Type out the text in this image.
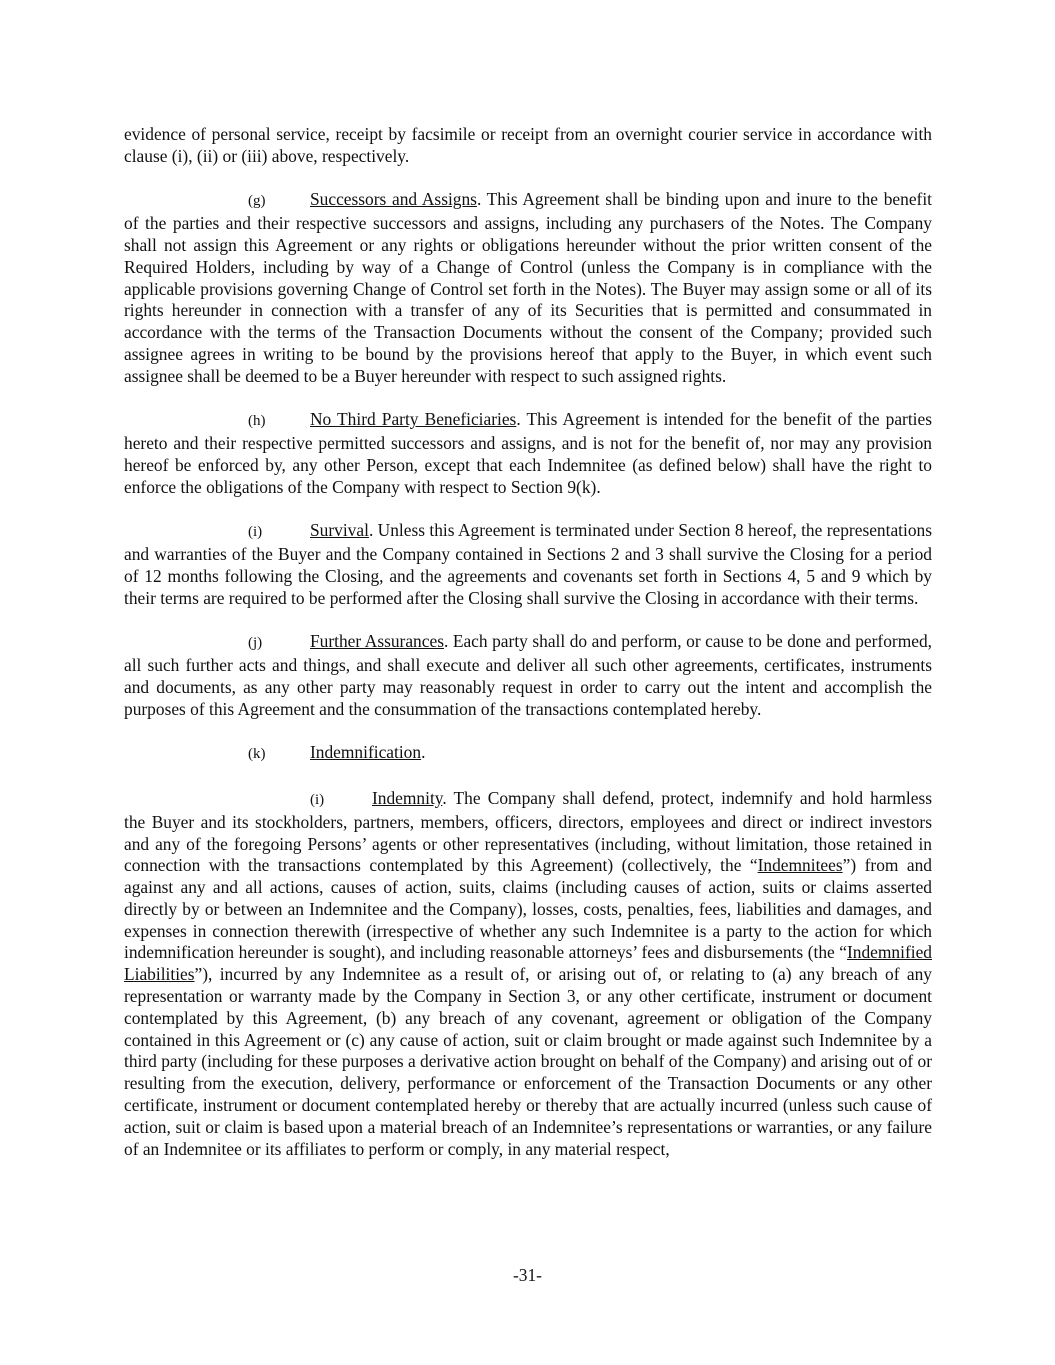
evidence of personal service, receipt by facsimile or receipt from an overnight courier service in accordance with clause (i), (ii) or (iii) above, respectively.

(g)	Successors and Assigns. This Agreement shall be binding upon and inure to the benefit of the parties and their respective successors and assigns, including any purchasers of the Notes. The Company shall not assign this Agreement or any rights or obligations hereunder without the prior written consent of the Required Holders, including by way of a Change of Control (unless the Company is in compliance with the applicable provisions governing Change of Control set forth in the Notes). The Buyer may assign some or all of its rights hereunder in connection with a transfer of any of its Securities that is permitted and consummated in accordance with the terms of the Transaction Documents without the consent of the Company; provided such assignee agrees in writing to be bound by the provisions hereof that apply to the Buyer, in which event such assignee shall be deemed to be a Buyer hereunder with respect to such assigned rights.

(h)	No Third Party Beneficiaries. This Agreement is intended for the benefit of the parties hereto and their respective permitted successors and assigns, and is not for the benefit of, nor may any provision hereof be enforced by, any other Person, except that each Indemnitee (as defined below) shall have the right to enforce the obligations of the Company with respect to Section 9(k).

(i)	Survival. Unless this Agreement is terminated under Section 8 hereof, the representations and warranties of the Buyer and the Company contained in Sections 2 and 3 shall survive the Closing for a period of 12 months following the Closing, and the agreements and covenants set forth in Sections 4, 5 and 9 which by their terms are required to be performed after the Closing shall survive the Closing in accordance with their terms.

(j)	Further Assurances. Each party shall do and perform, or cause to be done and performed, all such further acts and things, and shall execute and deliver all such other agreements, certificates, instruments and documents, as any other party may reasonably request in order to carry out the intent and accomplish the purposes of this Agreement and the consummation of the transactions contemplated hereby.

(k)	Indemnification.

(i)	Indemnity. The Company shall defend, protect, indemnify and hold harmless the Buyer and its stockholders, partners, members, officers, directors, employees and direct or indirect investors and any of the foregoing Persons’ agents or other representatives (including, without limitation, those retained in connection with the transactions contemplated by this Agreement) (collectively, the “Indemnitees”) from and against any and all actions, causes of action, suits, claims (including causes of action, suits or claims asserted directly by or between an Indemnitee and the Company), losses, costs, penalties, fees, liabilities and damages, and expenses in connection therewith (irrespective of whether any such Indemnitee is a party to the action for which indemnification hereunder is sought), and including reasonable attorneys’ fees and disbursements (the “Indemnified Liabilities”), incurred by any Indemnitee as a result of, or arising out of, or relating to (a) any breach of any representation or warranty made by the Company in Section 3, or any other certificate, instrument or document contemplated by this Agreement, (b) any breach of any covenant, agreement or obligation of the Company contained in this Agreement or (c) any cause of action, suit or claim brought or made against such Indemnitee by a third party (including for these purposes a derivative action brought on behalf of the Company) and arising out of or resulting from the execution, delivery, performance or enforcement of the Transaction Documents or any other certificate, instrument or document contemplated hereby or thereby that are actually incurred (unless such cause of action, suit or claim is based upon a material breach of an Indemnitee’s representations or warranties, or any failure of an Indemnitee or its affiliates to perform or comply, in any material respect,

-31-
